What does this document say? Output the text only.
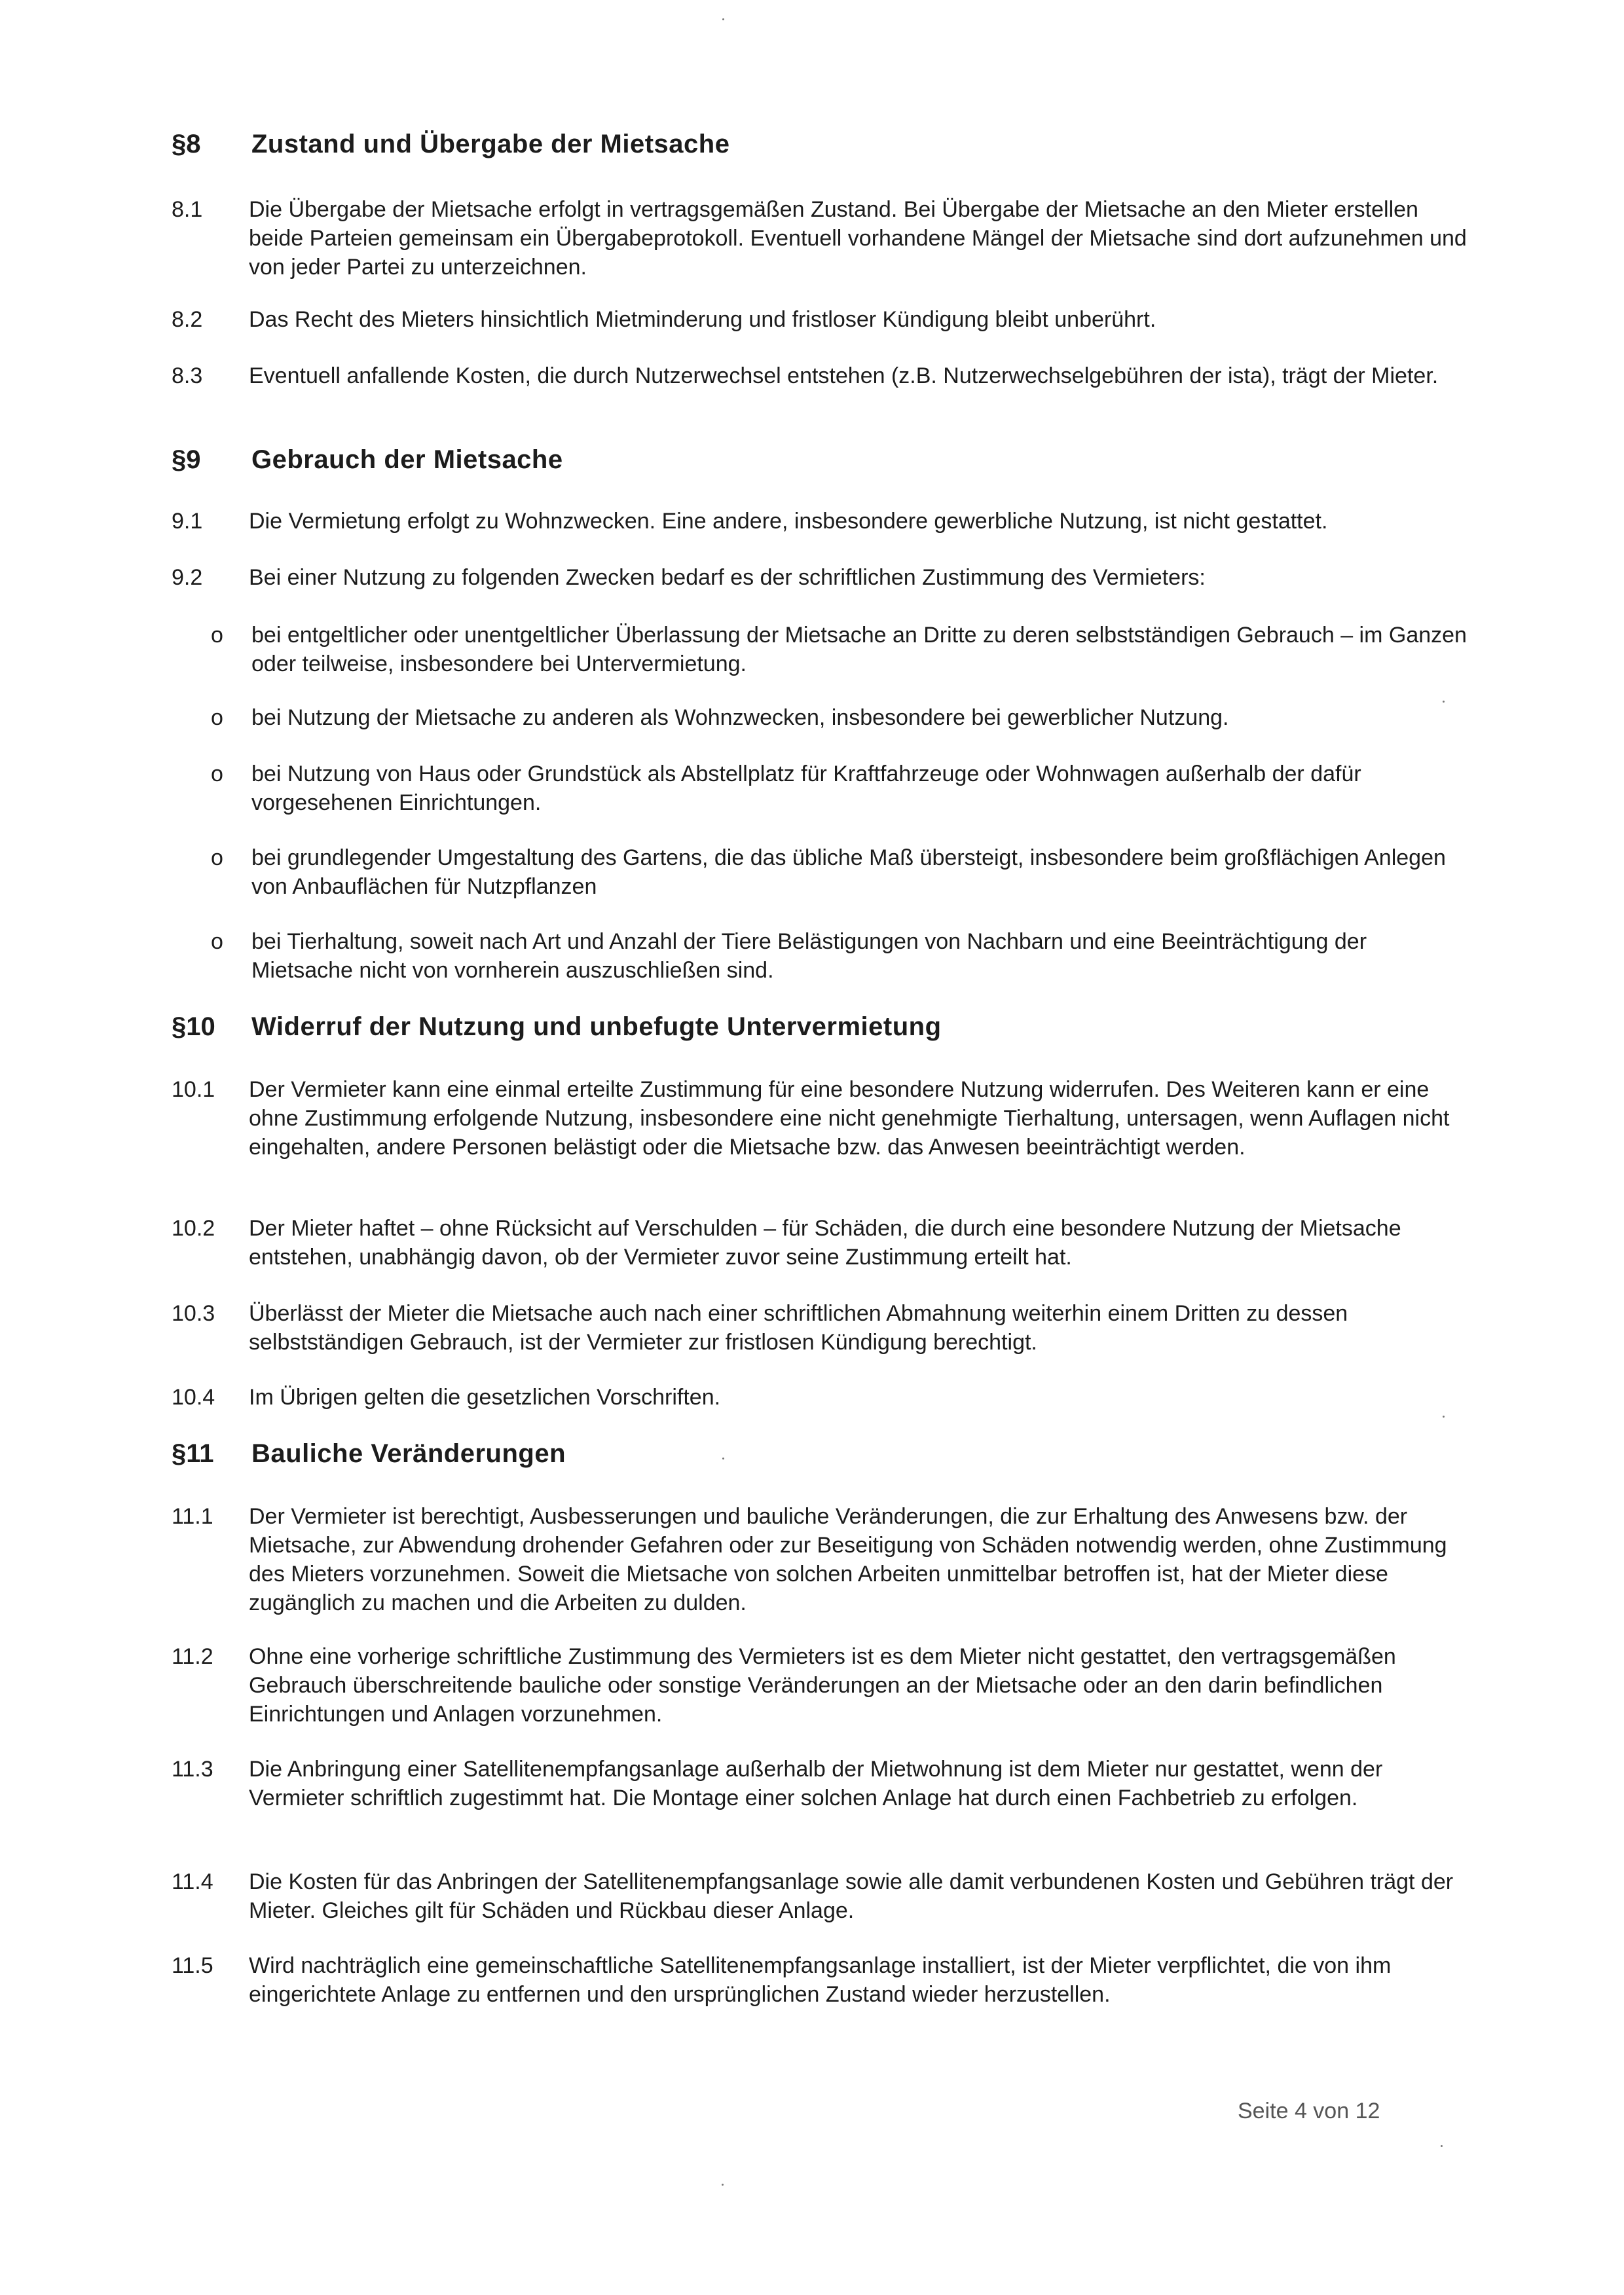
§8	Zustand und Übergabe der Mietsache
8.1	Die Übergabe der Mietsache erfolgt in vertragsgemäßen Zustand. Bei Übergabe der Mietsache an den Mieter erstellen beide Parteien gemeinsam ein Übergabeprotokoll. Eventuell vorhandene Mängel der Mietsache sind dort aufzunehmen und von jeder Partei zu unterzeichnen.
8.2	Das Recht des Mieters hinsichtlich Mietminderung und fristloser Kündigung bleibt unberührt.
8.3	Eventuell anfallende Kosten, die durch Nutzerwechsel entstehen (z.B. Nutzerwechselgebühren der ista), trägt der Mieter.
§9	Gebrauch der Mietsache
9.1	Die Vermietung erfolgt zu Wohnzwecken. Eine andere, insbesondere gewerbliche Nutzung, ist nicht gestattet.
9.2	Bei einer Nutzung zu folgenden Zwecken bedarf es der schriftlichen Zustimmung des Vermieters:
o	bei entgeltlicher oder unentgeltlicher Überlassung der Mietsache an Dritte zu deren selbstständigen Gebrauch – im Ganzen oder teilweise, insbesondere bei Untervermietung.
o	bei Nutzung der Mietsache zu anderen als Wohnzwecken, insbesondere bei gewerblicher Nutzung.
o	bei Nutzung von Haus oder Grundstück als Abstellplatz für Kraftfahrzeuge oder Wohnwagen außerhalb der dafür vorgesehenen Einrichtungen.
o	bei grundlegender Umgestaltung des Gartens, die das übliche Maß übersteigt, insbesondere beim großflächigen Anlegen von Anbauflächen für Nutzpflanzen
o	bei Tierhaltung, soweit nach Art und Anzahl der Tiere Belästigungen von Nachbarn und eine Beeinträchtigung der Mietsache nicht von vornherein auszuschließen sind.
§10	Widerruf der Nutzung und unbefugte Untervermietung
10.1	Der Vermieter kann eine einmal erteilte Zustimmung für eine besondere Nutzung widerrufen. Des Weiteren kann er eine ohne Zustimmung erfolgende Nutzung, insbesondere eine nicht genehmigte Tierhaltung, untersagen, wenn Auflagen nicht eingehalten, andere Personen belästigt oder die Mietsache bzw. das Anwesen beeinträchtigt werden.
10.2	Der Mieter haftet – ohne Rücksicht auf Verschulden – für Schäden, die durch eine besondere Nutzung der Mietsache entstehen, unabhängig davon, ob der Vermieter zuvor seine Zustimmung erteilt hat.
10.3	Überlässt der Mieter die Mietsache auch nach einer schriftlichen Abmahnung weiterhin einem Dritten zu dessen selbstständigen Gebrauch, ist der Vermieter zur fristlosen Kündigung berechtigt.
10.4	Im Übrigen gelten die gesetzlichen Vorschriften.
§11	Bauliche Veränderungen
11.1	Der Vermieter ist berechtigt, Ausbesserungen und bauliche Veränderungen, die zur Erhaltung des Anwesens bzw. der Mietsache, zur Abwendung drohender Gefahren oder zur Beseitigung von Schäden notwendig werden, ohne Zustimmung des Mieters vorzunehmen. Soweit die Mietsache von solchen Arbeiten unmittelbar betroffen ist, hat der Mieter diese zugänglich zu machen und die Arbeiten zu dulden.
11.2	Ohne eine vorherige schriftliche Zustimmung des Vermieters ist es dem Mieter nicht gestattet, den vertragsgemäßen Gebrauch überschreitende bauliche oder sonstige Veränderungen an der Mietsache oder an den darin befindlichen Einrichtungen und Anlagen vorzunehmen.
11.3	Die Anbringung einer Satellitenempfangsanlage außerhalb der Mietwohnung ist dem Mieter nur gestattet, wenn der Vermieter schriftlich zugestimmt hat. Die Montage einer solchen Anlage hat durch einen Fachbetrieb zu erfolgen.
11.4	Die Kosten für das Anbringen der Satellitenempfangsanlage sowie alle damit verbundenen Kosten und Gebühren trägt der Mieter. Gleiches gilt für Schäden und Rückbau dieser Anlage.
11.5	Wird nachträglich eine gemeinschaftliche Satellitenempfangsanlage installiert, ist der Mieter verpflichtet, die von ihm eingerichtete Anlage zu entfernen und den ursprünglichen Zustand wieder herzustellen.
Seite 4 von 12
